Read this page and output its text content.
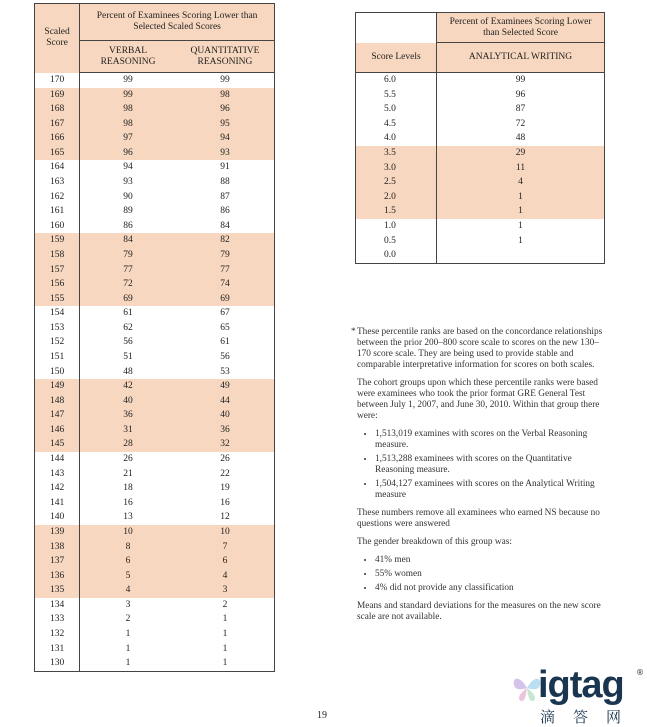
Scaled Score	Percent of Examinees Scoring Lower than Selected Scaled Scores	
	VERBAL REASONING	QUANTITATIVE REASONING
170	99	99
169	99	98
168	98	96
167	98	95
166	97	94
165	96	93
164	94	91
163	93	88
162	90	87
161	89	86
160	86	84
159	84	82
158	79	79
157	77	77
156	72	74
155	69	69
154	61	67
153	62	65
152	56	61
151	51	56
150	48	53
149	42	49
148	40	44
147	36	40
146	31	36
145	28	32
144	26	26
143	21	22
142	18	19
141	16	16
140	13	12
139	10	10
138	8	7
137	6	6
136	5	4
135	4	3
134	3	2
133	2	1
132	1	1
131	1	1
130	1	1
	Percent of Examinees Scoring Lower than Selected Score
Score Levels	ANALYTICAL WRITING
6.0	99
5.5	96
5.0	87
4.5	72
4.0	48
3.5	29
3.0	11
2.5	4
2.0	1
1.5	1
1.0	1
0.5	1
0.0	

* These percentile ranks are based on the concordance relationships between the prior 200–800 score scale to scores on the new 130–170 score scale. They are being used to provide stable and comparable interpretative information for scores on both scales.

The cohort groups upon which these percentile ranks were based were examinees who took the prior format GRE General Test between July 1, 2007, and June 30, 2010. Within that group there were:

• 1,513,019 examines with scores on the Verbal Reasoning measure.
• 1,513,288 examinees with scores on the Quantitative Reasoning measure.
• 1,504,127 examinees with scores on the Analytical Writing measure

These numbers remove all examinees who earned NS because no questions were answered

The gender breakdown of this group was:

• 41% men
• 55% women
• 4% did not provide any classification

Means and standard deviations for the measures on the new score scale are not available.

19
igtag ®
滴答网
